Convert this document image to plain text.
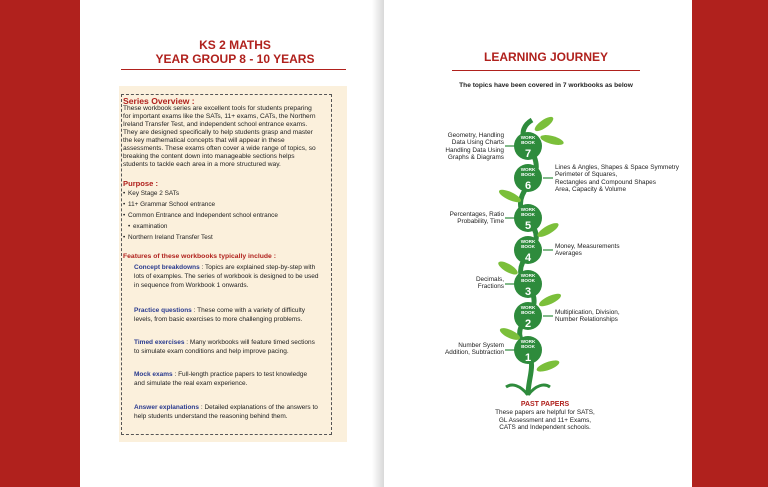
KS 2 MATHS
YEAR GROUP 8 - 10 YEARS
Series Overview :
These workbook series are excellent tools for students preparing
for important exams like the SATs, 11+ exams, CATs, the Northern
Ireland Transfer Test, and independent school entrance exams.
They are designed specifically to help students grasp and master
the key mathematical concepts that will appear in these
assessments. These exams often cover a wide range of topics, so
breaking the content down into manageable sections helps
students to tackle each area in a more structured way.
Purpose :
• Key Stage 2 SATs
• 11+ Grammar School entrance
• Common Entrance and Independent school entrance
• examination
• Northern Ireland Transfer Test
Features of these workbooks typically include :
Concept breakdowns : Topics are explained step-by-step with
lots of examples. The series of workbook is designed to be used
in sequence from Workbook 1 onwards.
Practice questions : These come with a variety of difficulty
levels, from basic exercises to more challenging problems.
Timed exercises : Many workbooks will feature timed sections
to simulate exam conditions and help improve pacing.
Mock exams : Full-length practice papers to test knowledge
and simulate the real exam experience.
Answer explanations : Detailed explanations of the answers to
help students understand the reasoning behind them.
LEARNING JOURNEY
The topics have been covered in 7 workbooks as below
WORK
BOOK
7
WORK
BOOK
6
WORK
BOOK
5
WORK
BOOK
4
WORK
BOOK
3
WORK
BOOK
2
WORK
BOOK
1
Geometry, Handling
Data Using Charts
Handling Data Using
Graphs & Diagrams
Lines & Angles, Shapes & Space Symmetry
Perimeter of Squares,
Rectangles and Compound Shapes
Area, Capacity & Volume
Percentages, Ratio
Probability, Time
Money, Measurements
Averages
Decimals,
Fractions
Multiplication, Division,
Number Relationships
Number System
Addition, Subtraction
PAST PAPERS
These papers are helpful for SATS,
GL Assessment and 11+ Exams,
CATS and Independent schools.
